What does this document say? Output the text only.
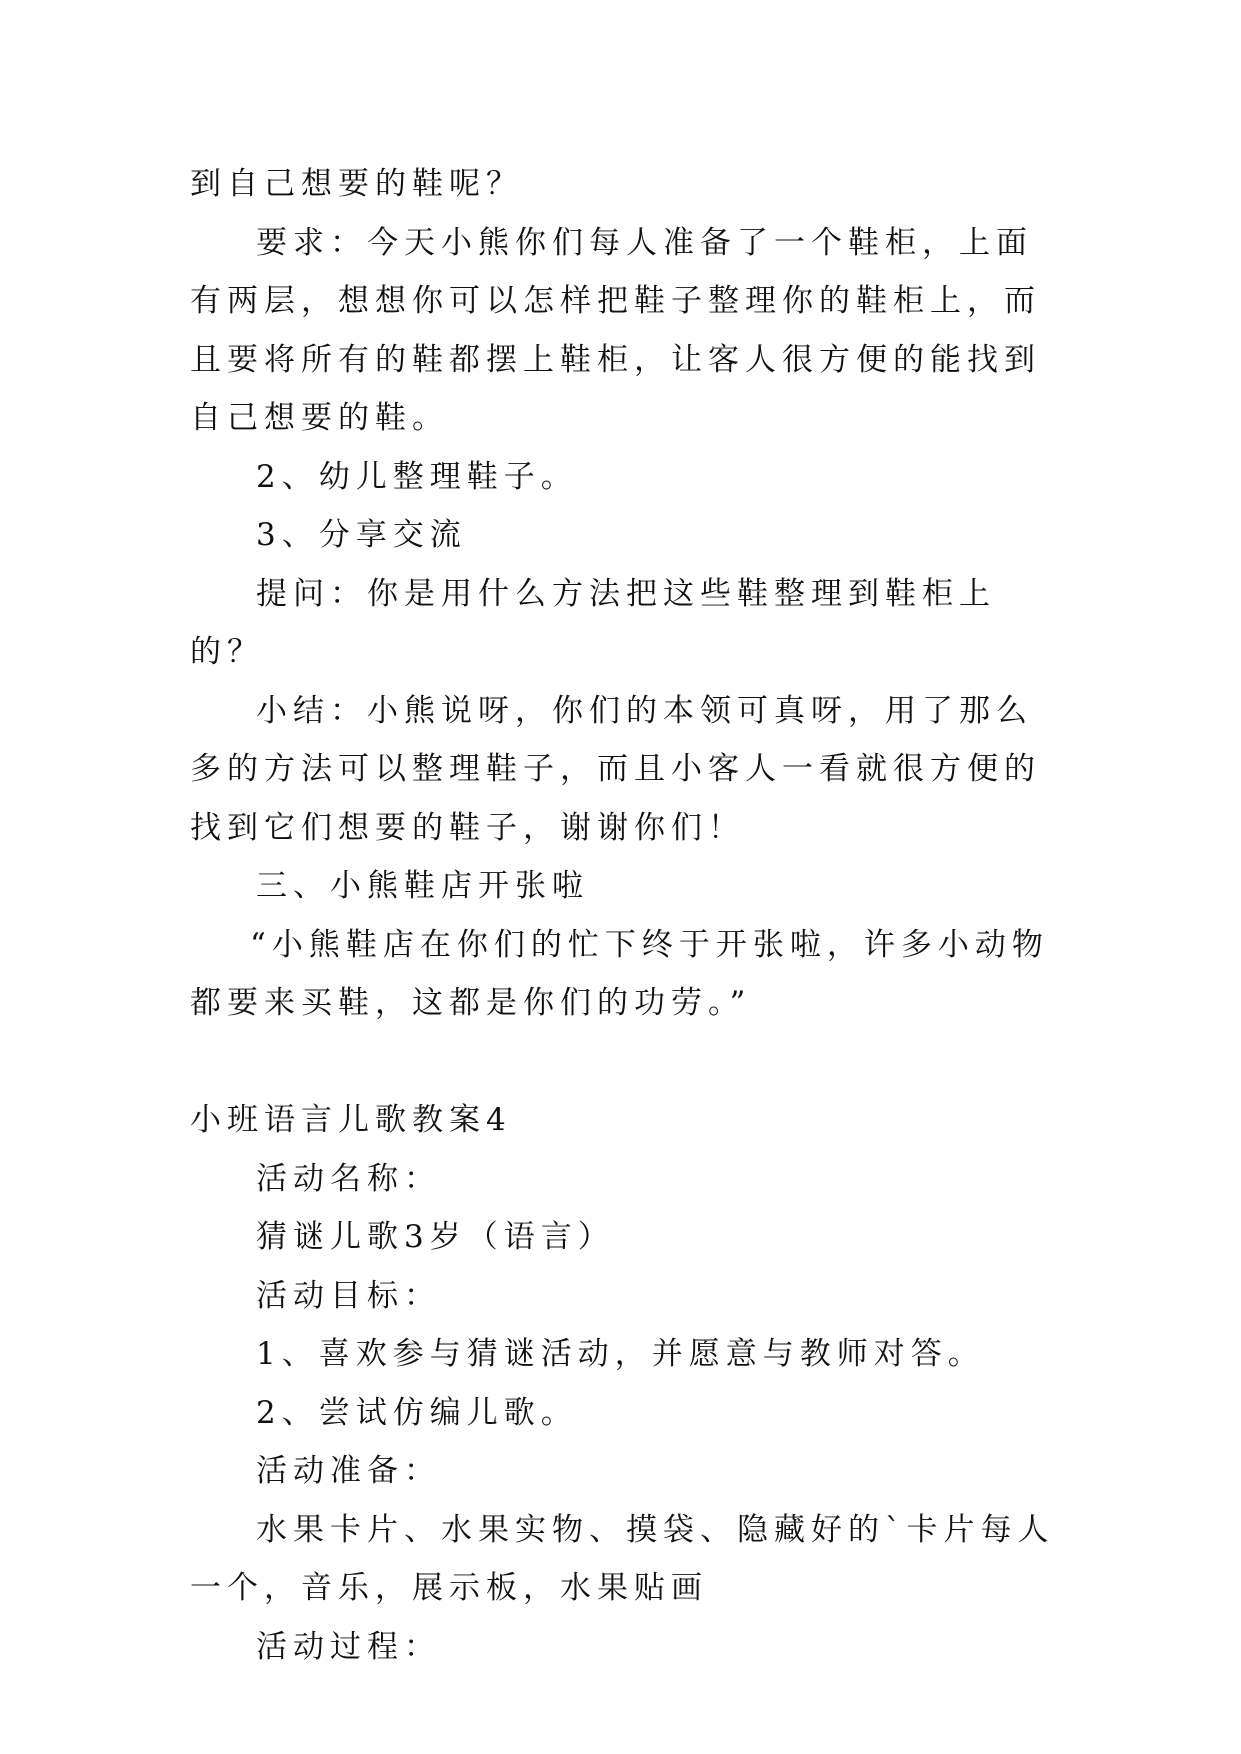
到自己想要的鞋呢？

要求：今天小熊你们每人准备了一个鞋柜，上面有两层，想想你可以怎样把鞋子整理你的鞋柜上，而且要将所有的鞋都摆上鞋柜，让客人很方便的能找到自己想要的鞋。

2、幼儿整理鞋子。

3、分享交流

提问：你是用什么方法把这些鞋整理到鞋柜上的？

小结：小熊说呀，你们的本领可真呀，用了那么多的方法可以整理鞋子，而且小客人一看就很方便的找到它们想要的鞋子，谢谢你们！

三、小熊鞋店开张啦

“小熊鞋店在你们的忙下终于开张啦，许多小动物都要来买鞋，这都是你们的功劳。”

小班语言儿歌教案4

活动名称：

猜谜儿歌3岁（语言）

活动目标：

1、喜欢参与猜谜活动，并愿意与教师对答。

2、尝试仿编儿歌。

活动准备：

水果卡片、水果实物、摸袋、隐藏好的`卡片每人一个，音乐，展示板，水果贴画

活动过程：
